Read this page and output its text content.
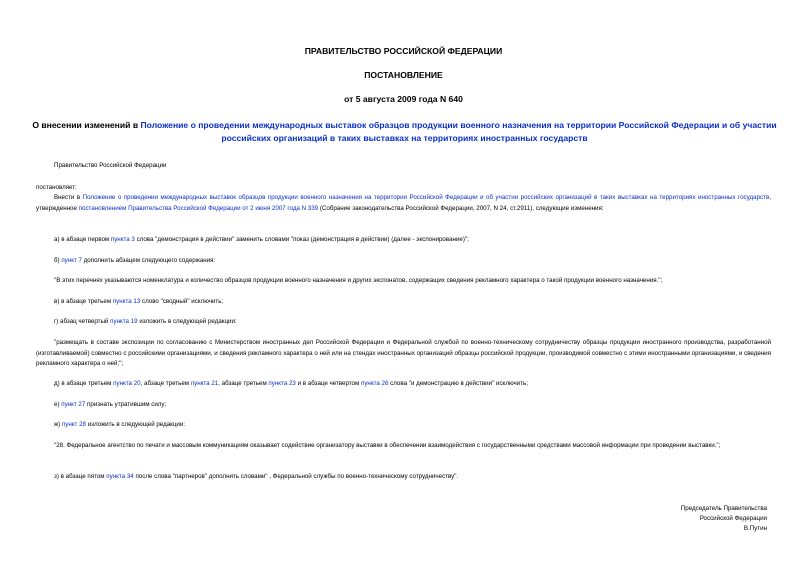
ПРАВИТЕЛЬСТВО РОССИЙСКОЙ ФЕДЕРАЦИИ
ПОСТАНОВЛЕНИЕ
от 5 августа 2009 года N 640
О внесении изменений в Положение о проведении международных выставок образцов продукции военного назначения на территории Российской Федерации и об участии российских организаций в таких выставках на территориях иностранных государств
Правительство Российской Федерации
постановляет:
Внести в Положение о проведении международных выставок образцов продукции военного назначения на территории Российской Федерации и об участии российских организаций в таких выставках на территориях иностранных государств, утвержденное постановлением Правительства Российской Федерации от 2 июня 2007 года N 339 (Собрание законодательства Российской Федерации, 2007, N 24, ст.2911), следующие изменения:
а) в абзаце первом пункта 3 слова "демонстрация в действии" заменить словами "показ (демонстрация в действии) (далее - экспонирование)";
б) пункт 7 дополнить абзацем следующего содержания:
"В этих перечнях указываются номенклатура и количество образцов продукции военного назначения и других экспонатов, содержащих сведения рекламного характера о такой продукции военного назначения.";
в) в абзаце третьем пункта 13 слово "сводный" исключить;
г) абзац четвертый пункта 19 изложить в следующей редакции:
"размещать в составе экспозиции по согласованию с Министерством иностранных дел Российской Федерации и Федеральной службой по военно-техническому сотрудничеству образцы продукции иностранного производства, разработанной (изготавливаемой) совместно с российскими организациями, и сведения рекламного характера о ней или на стендах иностранных организаций образцы российской продукции, производимой совместно с этими иностранными организациями, и сведения рекламного характера о ней;";
д) в абзаце третьем пункта 20, абзаце третьем пункта 21, абзаце третьем пункта 23 и в абзаце четвертом пункта 26 слова "и демонстрацию в действии" исключить;
е) пункт 27 признать утратившим силу;
ж) пункт 28 изложить в следующей редакции:
"28. Федеральное агентство по печати и массовым коммуникациям оказывает содействие организатору выставки в обеспечении взаимодействия с государственными средствами массовой информации при проведении выставки.";
з) в абзаце пятом пункта 34 после слова "партнеров" дополнить словами" , Федеральной службы по военно-техническому сотрудничеству".
Председатель Правительства
Российской Федерации
В.Путин
